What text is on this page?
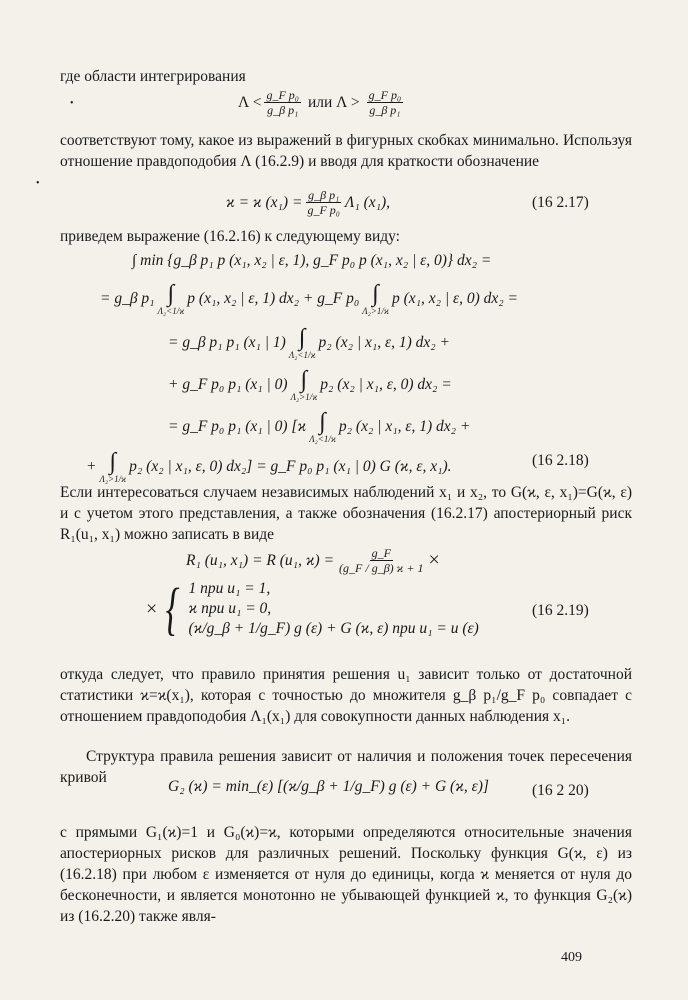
где области интегрирования

•	$\Lambda < \frac{\text{g\_F p₀}}{\text{g\_β p₁}}$ или $\Lambda > \frac{\text{g\_F p₀}}{\text{g\_β p₁}}$

соответствуют тому, какое из выражений в фигурных скобках минимально. Используя отношение правдоподобия Λ (16.2.9) и вводя для краткости обозначение

•
ϰ = ϰ $(x_1) = \frac{\text{g\_β p₁}}{\text{g\_F p₀}} \Lambda_1$ (x₁),	(16 2.17)

приведем выражение (16.2.16) к следующему виду:

∫ min {g_β p₁ p (x₁, x₂ | ε, 1), g_F p₀ p (x₁, x₂ | ε, 0)} dx₂ =
= g_β p₁ ∫
Λ₂<1/ϰ
p (x₁, x₂ | ε, 1) dx₂ + g_F p₀ ∫
Λ₂>1/ϰ
p (x₁, x₂ | ε, 0) dx₂ =
= g_β p₁ p₁ (x₁ | 1) ∫
Λ₂<1/ϰ
p₂ (x₂ | x₁, ε, 1) dx₂ +
+ g_F p₀ p₁ (x₁ | 0) ∫
Λ₂>1/ϰ
p₂ (x₂ | x₁, ε, 0) dx₂ =
= g_F p₀ p₁ (x₁ | 0) [ϰ ∫
Λ₂<1/ϰ
p₂ (x₂ | x₁, ε, 1) dx₂ +
+ ∫
Λ₂>1/ϰ
p₂ (x₂ | x₁, ε, 0) dx₂] = g_F p₀ p₁ (x₁ | 0) G (ϰ, ε, x₁).	(16 2.18)

Если интересоваться случаем независимых наблюдений x₁ и x₂, то G(ϰ, ε, x₁)=G(ϰ, ε) и с учетом этого представления, а также обозначения (16.2.17) апостериорный риск R₁(u₁, x₁) можно записать в виде

R₁ (u₁, x₁) = R (u₁, $ϰ) = \frac{g\_F}{(g\_F / g\_\beta) ϰ + 1}$ ×
× { 1 при u₁ = 1,
ϰ при u₁ = 0,
(ϰ/g_β + 1/g_F) g (ε) + G (ϰ, ε) при u₁ = u (ε)
(16 2.19)

откуда следует, что правило принятия решения u₁ зависит только от достаточной статистики ϰ=ϰ(x₁), которая с точностью до множителя g_β p₁/g_F p₀ совпадает с отношением правдоподобия Λ₁(x₁) для совокупности данных наблюдения x₁.

Структура правила решения зависит от наличия и положения точек пересечения кривой

G₂ (ϰ) = min_(ε) [(ϰ/g_β + 1/g_F) g (ε) + G (ϰ, ε)]	(16 2 20)

с прямыми G₁(ϰ)=1 и G₀(ϰ)=ϰ, которыми определяются относительные значения апостериорных рисков для различных решений. Поскольку функция G(ϰ, ε) из (16.2.18) при любом ε изменяется от нуля до единицы, когда ϰ меняется от нуля до бесконечности, и является монотонно не убывающей функцией ϰ, то функция G₂(ϰ) из (16.2.20) также явля-

409
